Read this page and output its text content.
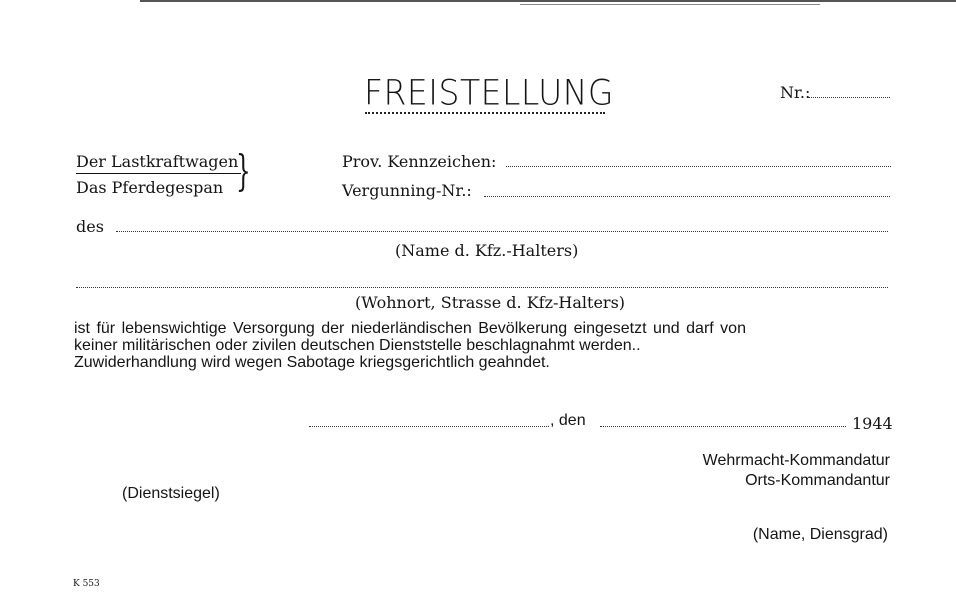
FREISTELLUNG	Nr.:
Der Lastkraftwagen
Das Pferdegespan }	Prov. Kennzeichen:
Vergunning-Nr.:
des
(Name d. Kfz.-Halters)
(Wohnort, Strasse d. Kfz-Halters)
ist für lebenswichtige Versorgung der niederländischen Bevölkerung eingesetzt und darf von
keiner militärischen oder zivilen deutschen Dienststelle beschlagnahmt werden..
Zuwiderhandlung wird wegen Sabotage kriegsgerichtlich geahndet.
, den	1944
Wehrmacht-Kommandatur
Orts-Kommandantur
(Dienstsiegel)
(Name, Diensgrad)
K 553
